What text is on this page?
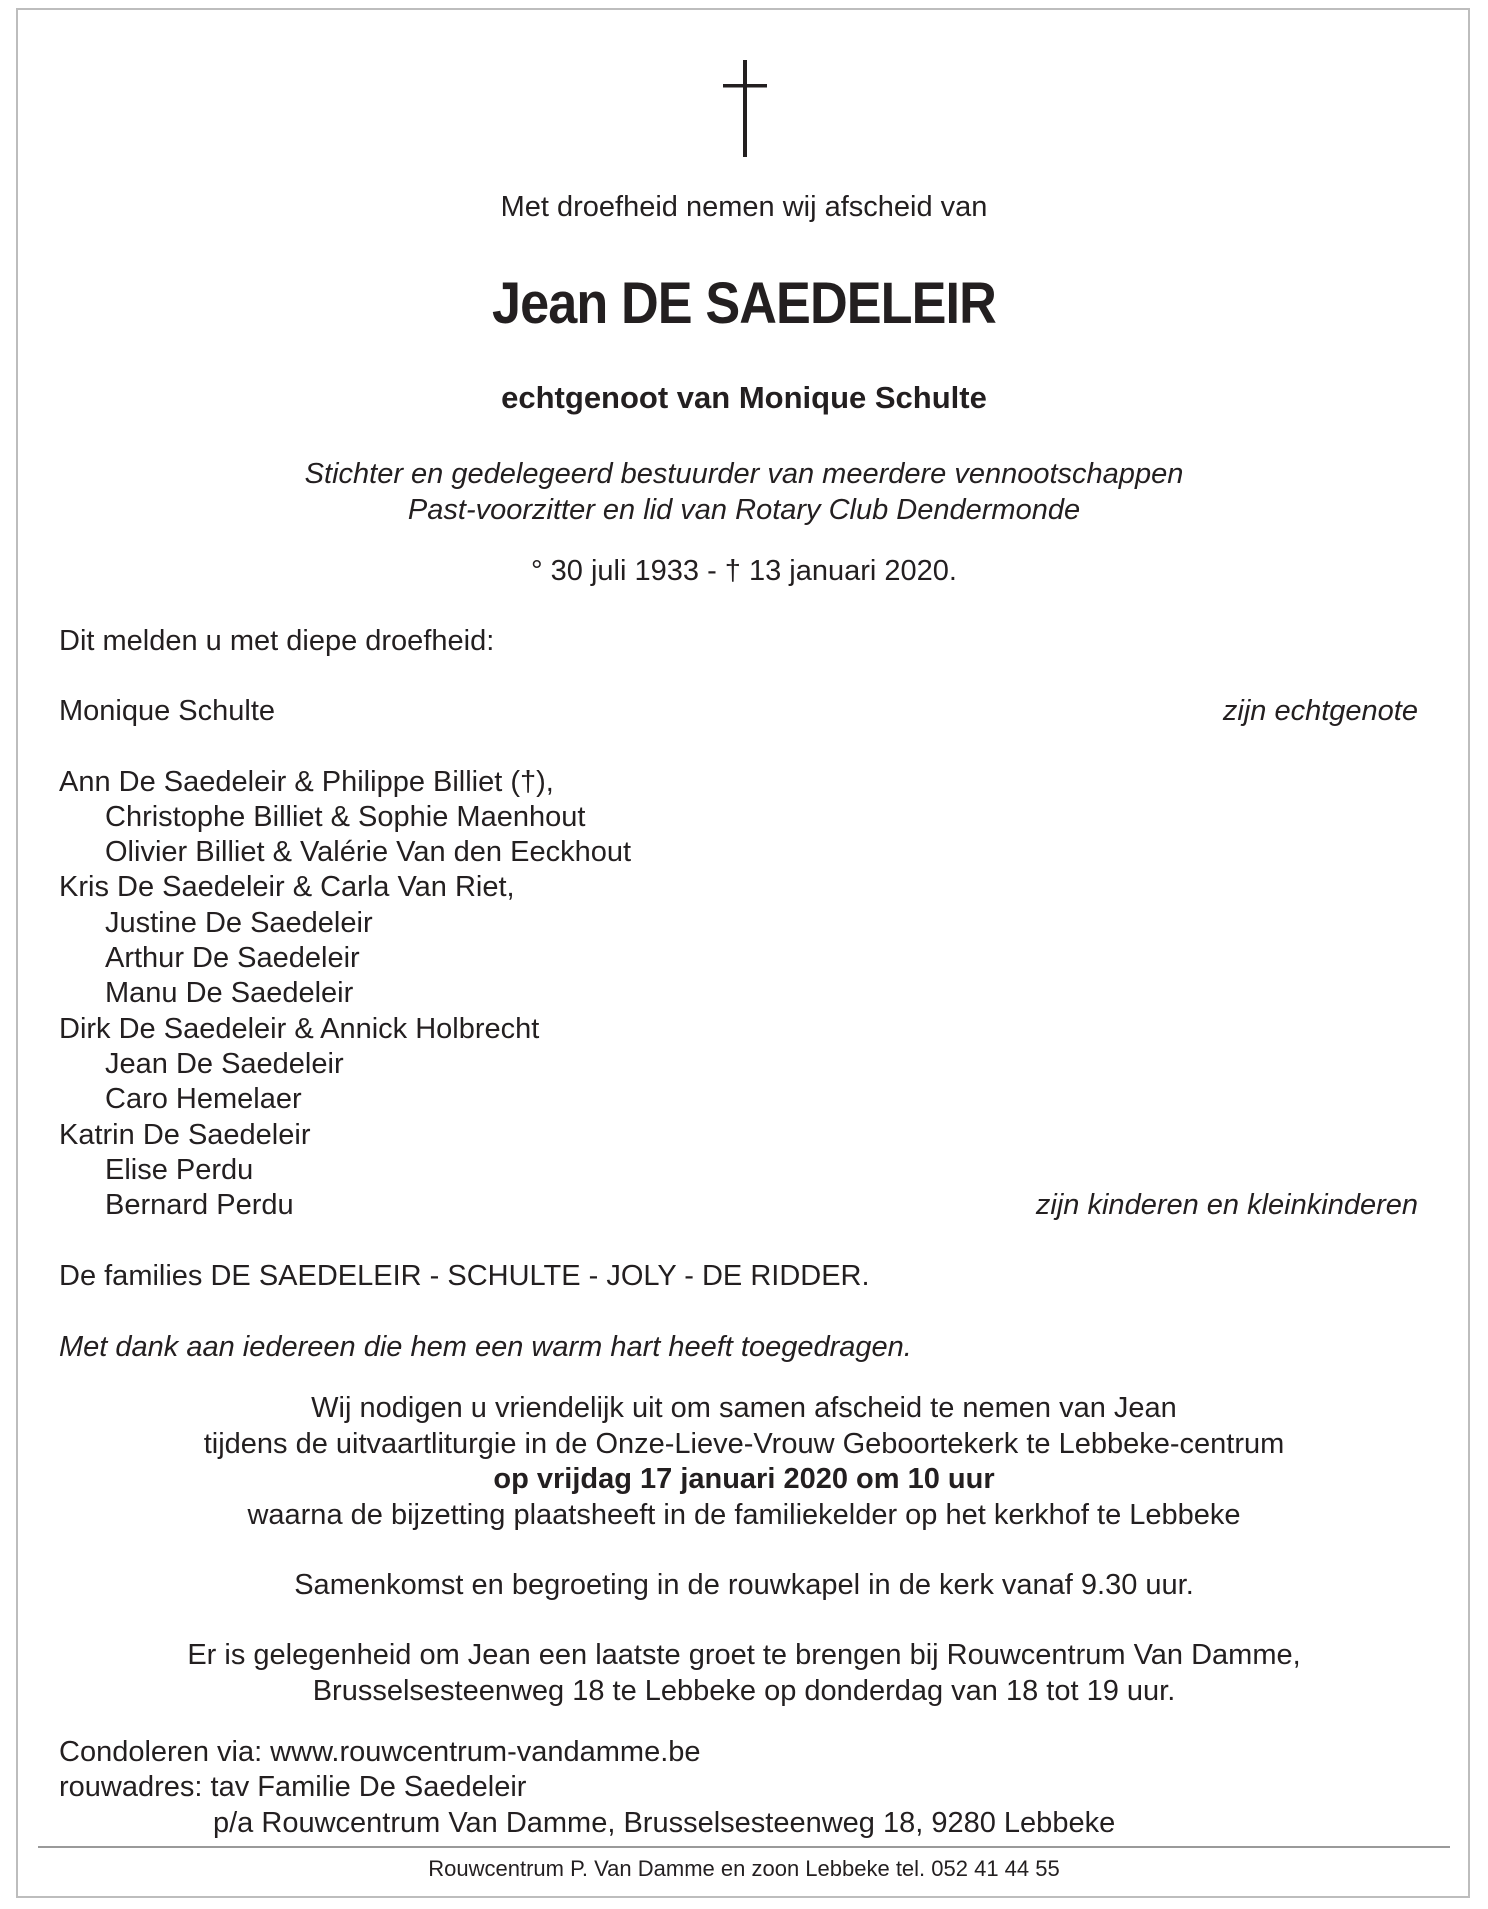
Met droefheid nemen wij afscheid van
Jean DE SAEDELEIR
echtgenoot van Monique Schulte
Stichter en gedelegeerd bestuurder van meerdere vennootschappen
Past-voorzitter en lid van Rotary Club Dendermonde
° 30 juli 1933 - † 13 januari 2020.
Dit melden u met diepe droefheid:
Monique Schulte	zijn echtgenote
Ann De Saedeleir & Philippe Billiet (†),
Christophe Billiet & Sophie Maenhout
Olivier Billiet & Valérie Van den Eeckhout
Kris De Saedeleir & Carla Van Riet,
Justine De Saedeleir
Arthur De Saedeleir
Manu De Saedeleir
Dirk De Saedeleir & Annick Holbrecht
Jean De Saedeleir
Caro Hemelaer
Katrin De Saedeleir
Elise Perdu
Bernard Perdu	zijn kinderen en kleinkinderen
De families DE SAEDELEIR - SCHULTE - JOLY - DE RIDDER.
Met dank aan iedereen die hem een warm hart heeft toegedragen.
Wij nodigen u vriendelijk uit om samen afscheid te nemen van Jean
tijdens de uitvaartliturgie in de Onze-Lieve-Vrouw Geboortekerk te Lebbeke-centrum
op vrijdag 17 januari 2020 om 10 uur
waarna de bijzetting plaatsheeft in de familiekelder op het kerkhof te Lebbeke
Samenkomst en begroeting in de rouwkapel in de kerk vanaf 9.30 uur.
Er is gelegenheid om Jean een laatste groet te brengen bij Rouwcentrum Van Damme,
Brusselsesteenweg 18 te Lebbeke op donderdag van 18 tot 19 uur.
Condoleren via: www.rouwcentrum-vandamme.be
rouwadres: tav Familie De Saedeleir
p/a Rouwcentrum Van Damme, Brusselsesteenweg 18, 9280 Lebbeke
Rouwcentrum P. Van Damme en zoon Lebbeke tel. 052 41 44 55
